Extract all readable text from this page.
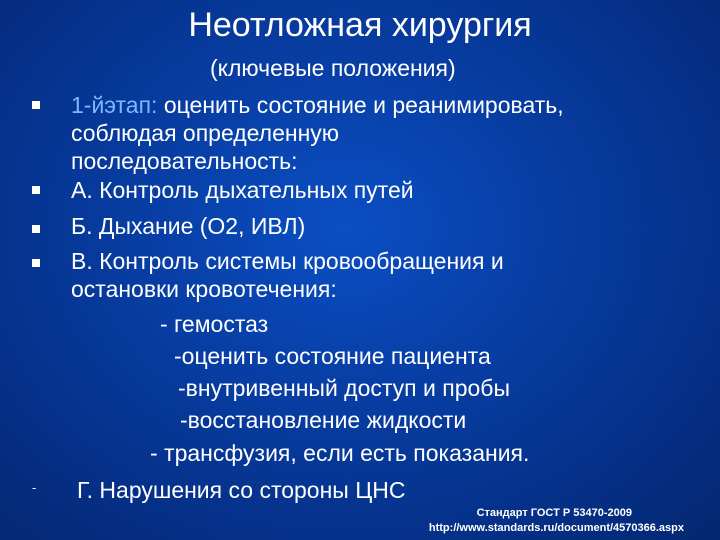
Неотложная хирургия
(ключевые положения)
1-йэтап: оценить состояние и реанимировать,
соблюдая определенную
последовательность:
А. Контроль дыхательных путей
Б. Дыхание (О2, ИВЛ)
В. Контроль системы кровообращения и
остановки кровотечения:
- гемостаз
-оценить состояние пациента
-внутривенный доступ и пробы
-восстановление жидкости
- трансфузия, если есть показания.
- Г. Нарушения со стороны ЦНС
Стандарт ГОСТ Р 53470-2009
http://www.standards.ru/document/4570366.aspx
